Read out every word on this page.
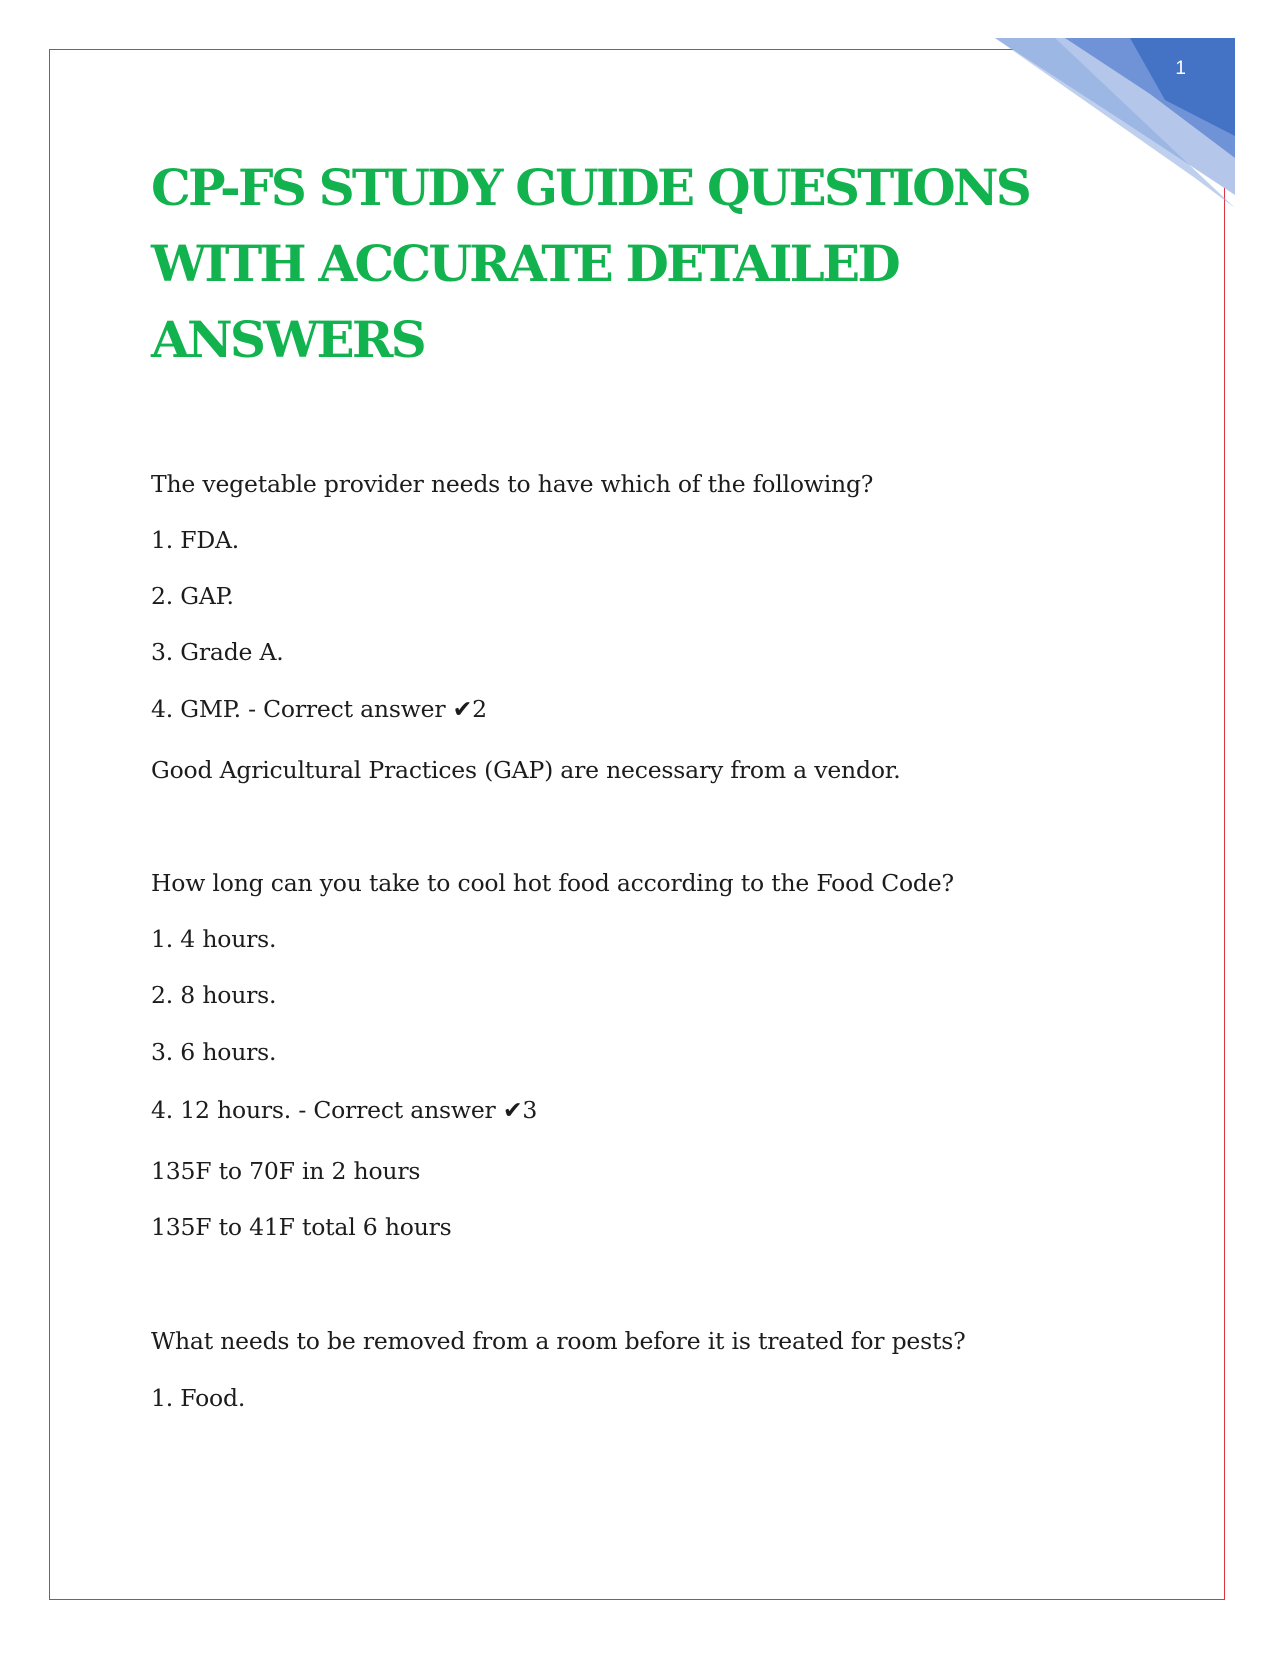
1
CP-FS STUDY GUIDE QUESTIONS WITH ACCURATE DETAILED ANSWERS
The vegetable provider needs to have which of the following?
1. FDA.
2. GAP.
3. Grade A.
4. GMP. - Correct answer ✔2
Good Agricultural Practices (GAP) are necessary from a vendor.
How long can you take to cool hot food according to the Food Code?
1. 4 hours.
2. 8 hours.
3. 6 hours.
4. 12 hours. - Correct answer ✔3
135F to 70F in 2 hours
135F to 41F total 6 hours
What needs to be removed from a room before it is treated for pests?
1. Food.
